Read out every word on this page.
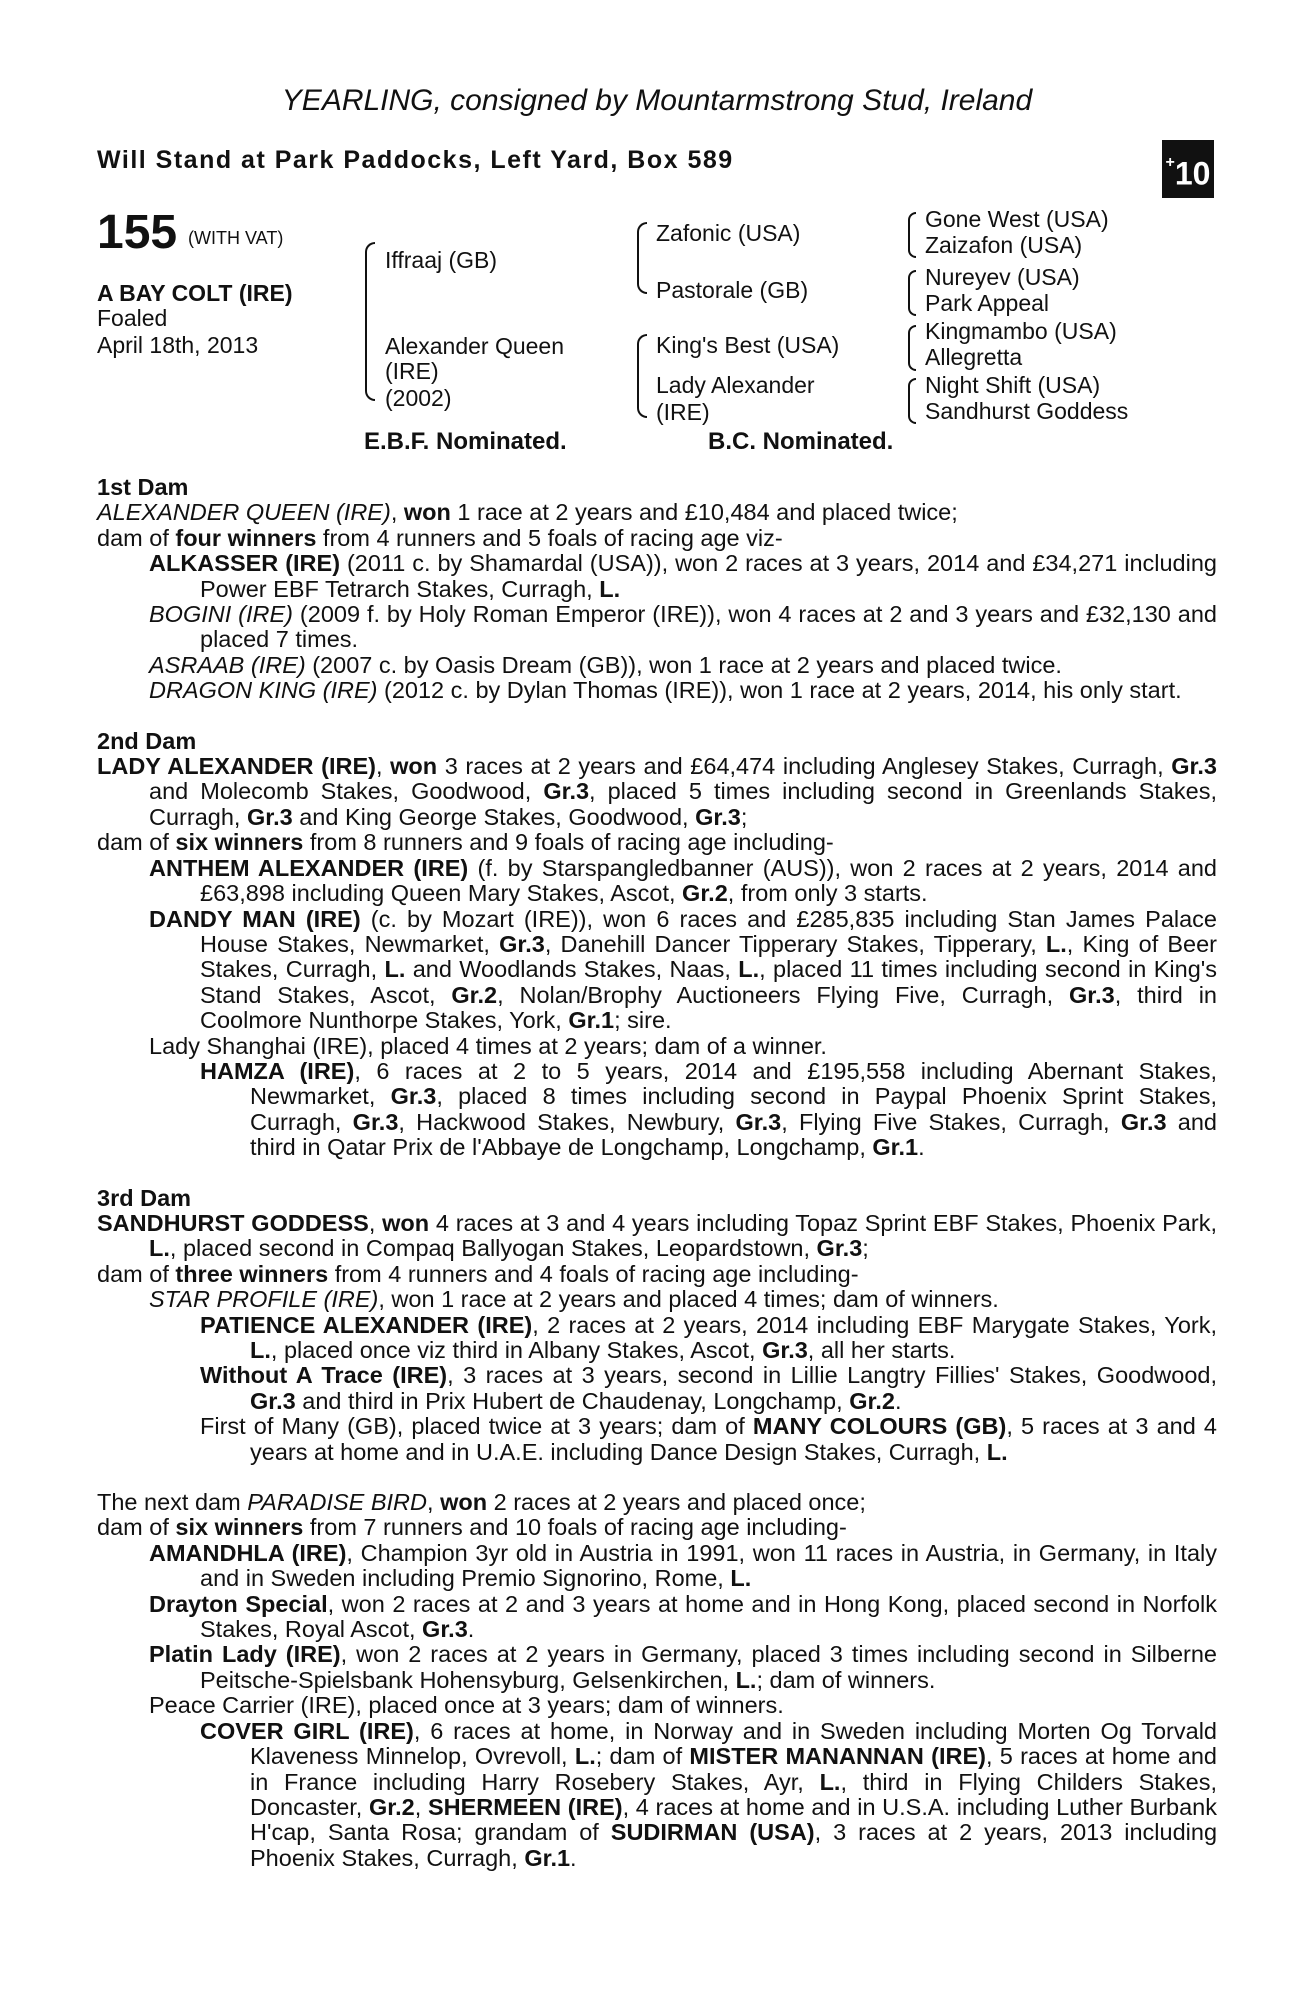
YEARLING, consigned by Mountarmstrong Stud, Ireland
Will Stand at Park Paddocks, Left Yard, Box 589	+10
155 (WITH VAT)
A BAY COLT (IRE)
Foaled
April 18th, 2013
Iffraaj (GB)
Alexander Queen
(IRE)
(2002)
Zafonic (USA)
Pastorale (GB)
King's Best (USA)
Lady Alexander
(IRE)
Gone West (USA)
Zaizafon (USA)
Nureyev (USA)
Park Appeal
Kingmambo (USA)
Allegretta
Night Shift (USA)
Sandhurst Goddess
E.B.F. Nominated.	B.C. Nominated.

1st Dam

ALEXANDER QUEEN (IRE), won 1 race at 2 years and £10,484 and placed twice;

dam of four winners from 4 runners and 5 foals of racing age viz-

ALKASSER (IRE) (2011 c. by Shamardal (USA)), won 2 races at 3 years, 2014 and £34,271 including Power EBF Tetrarch Stakes, Curragh, L.

BOGINI (IRE) (2009 f. by Holy Roman Emperor (IRE)), won 4 races at 2 and 3 years and £32,130 and placed 7 times.

ASRAAB (IRE) (2007 c. by Oasis Dream (GB)), won 1 race at 2 years and placed twice.

DRAGON KING (IRE) (2012 c. by Dylan Thomas (IRE)), won 1 race at 2 years, 2014, his only start.

2nd Dam

LADY ALEXANDER (IRE), won 3 races at 2 years and £64,474 including Anglesey Stakes, Curragh, Gr.3 and Molecomb Stakes, Goodwood, Gr.3, placed 5 times including second in Greenlands Stakes, Curragh, Gr.3 and King George Stakes, Goodwood, Gr.3;

dam of six winners from 8 runners and 9 foals of racing age including-

ANTHEM ALEXANDER (IRE) (f. by Starspangledbanner (AUS)), won 2 races at 2 years, 2014 and £63,898 including Queen Mary Stakes, Ascot, Gr.2, from only 3 starts.

DANDY MAN (IRE) (c. by Mozart (IRE)), won 6 races and £285,835 including Stan James Palace House Stakes, Newmarket, Gr.3, Danehill Dancer Tipperary Stakes, Tipperary, L., King of Beer Stakes, Curragh, L. and Woodlands Stakes, Naas, L., placed 11 times including second in King's Stand Stakes, Ascot, Gr.2, Nolan/Brophy Auctioneers Flying Five, Curragh, Gr.3, third in Coolmore Nunthorpe Stakes, York, Gr.1; sire.

Lady Shanghai (IRE), placed 4 times at 2 years; dam of a winner.

HAMZA (IRE), 6 races at 2 to 5 years, 2014 and £195,558 including Abernant Stakes, Newmarket, Gr.3, placed 8 times including second in Paypal Phoenix Sprint Stakes, Curragh, Gr.3, Hackwood Stakes, Newbury, Gr.3, Flying Five Stakes, Curragh, Gr.3 and third in Qatar Prix de l'Abbaye de Longchamp, Longchamp, Gr.1.

3rd Dam

SANDHURST GODDESS, won 4 races at 3 and 4 years including Topaz Sprint EBF Stakes, Phoenix Park, L., placed second in Compaq Ballyogan Stakes, Leopardstown, Gr.3;

dam of three winners from 4 runners and 4 foals of racing age including-

STAR PROFILE (IRE), won 1 race at 2 years and placed 4 times; dam of winners.

PATIENCE ALEXANDER (IRE), 2 races at 2 years, 2014 including EBF Marygate Stakes, York, L., placed once viz third in Albany Stakes, Ascot, Gr.3, all her starts.

Without A Trace (IRE), 3 races at 3 years, second in Lillie Langtry Fillies' Stakes, Goodwood, Gr.3 and third in Prix Hubert de Chaudenay, Longchamp, Gr.2.

First of Many (GB), placed twice at 3 years; dam of MANY COLOURS (GB), 5 races at 3 and 4 years at home and in U.A.E. including Dance Design Stakes, Curragh, L.

The next dam PARADISE BIRD, won 2 races at 2 years and placed once;

dam of six winners from 7 runners and 10 foals of racing age including-

AMANDHLA (IRE), Champion 3yr old in Austria in 1991, won 11 races in Austria, in Germany, in Italy and in Sweden including Premio Signorino, Rome, L.

Drayton Special, won 2 races at 2 and 3 years at home and in Hong Kong, placed second in Norfolk Stakes, Royal Ascot, Gr.3.

Platin Lady (IRE), won 2 races at 2 years in Germany, placed 3 times including second in Silberne Peitsche-Spielsbank Hohensyburg, Gelsenkirchen, L.; dam of winners.

Peace Carrier (IRE), placed once at 3 years; dam of winners.

COVER GIRL (IRE), 6 races at home, in Norway and in Sweden including Morten Og Torvald Klaveness Minnelop, Ovrevoll, L.; dam of MISTER MANANNAN (IRE), 5 races at home and in France including Harry Rosebery Stakes, Ayr, L., third in Flying Childers Stakes, Doncaster, Gr.2, SHERMEEN (IRE), 4 races at home and in U.S.A. including Luther Burbank H'cap, Santa Rosa; grandam of SUDIRMAN (USA), 3 races at 2 years, 2013 including Phoenix Stakes, Curragh, Gr.1.
